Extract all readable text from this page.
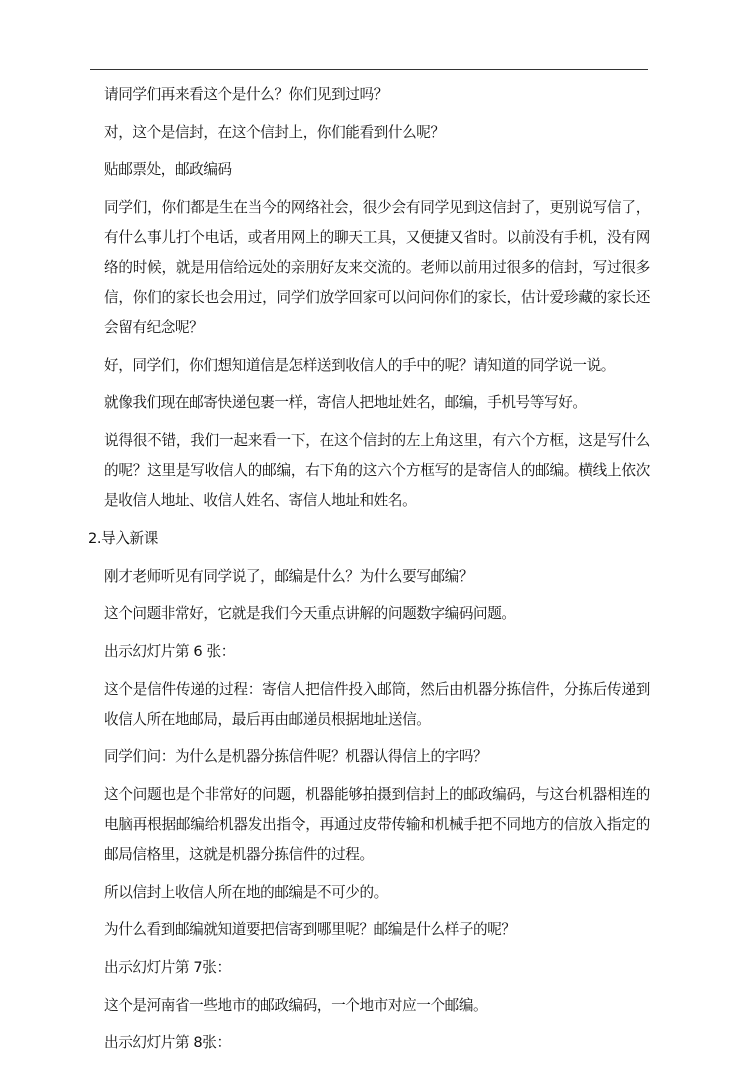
请同学们再来看这个是什么？你们见到过吗？

对，这个是信封，在这个信封上，你们能看到什么呢？

贴邮票处，邮政编码

同学们，你们都是生在当今的网络社会，很少会有同学见到这信封了，更别说写信了，有什么事儿打个电话，或者用网上的聊天工具，又便捷又省时。以前没有手机，没有网络的时候，就是用信给远处的亲朋好友来交流的。老师以前用过很多的信封，写过很多信，你们的家长也会用过，同学们放学回家可以问问你们的家长，估计爱珍藏的家长还会留有纪念呢？

好，同学们，你们想知道信是怎样送到收信人的手中的呢？请知道的同学说一说。

就像我们现在邮寄快递包裹一样，寄信人把地址姓名，邮编，手机号等写好。

说得很不错，我们一起来看一下，在这个信封的左上角这里，有六个方框，这是写什么的呢？这里是写收信人的邮编，右下角的这六个方框写的是寄信人的邮编。横线上依次是收信人地址、收信人姓名、寄信人地址和姓名。

2.导入新课

刚才老师听见有同学说了，邮编是什么？为什么要写邮编？

这个问题非常好，它就是我们今天重点讲解的问题数字编码问题。

出示幻灯片第 6 张：

这个是信件传递的过程：寄信人把信件投入邮筒，然后由机器分拣信件，分拣后传递到收信人所在地邮局，最后再由邮递员根据地址送信。

同学们问：为什么是机器分拣信件呢？机器认得信上的字吗？

这个问题也是个非常好的问题，机器能够拍摄到信封上的邮政编码，与这台机器相连的电脑再根据邮编给机器发出指令，再通过皮带传输和机械手把不同地方的信放入指定的邮局信格里，这就是机器分拣信件的过程。

所以信封上收信人所在地的邮编是不可少的。

为什么看到邮编就知道要把信寄到哪里呢？邮编是什么样子的呢？

出示幻灯片第 7张：

这个是河南省一些地市的邮政编码，一个地市对应一个邮编。

出示幻灯片第 8张：
